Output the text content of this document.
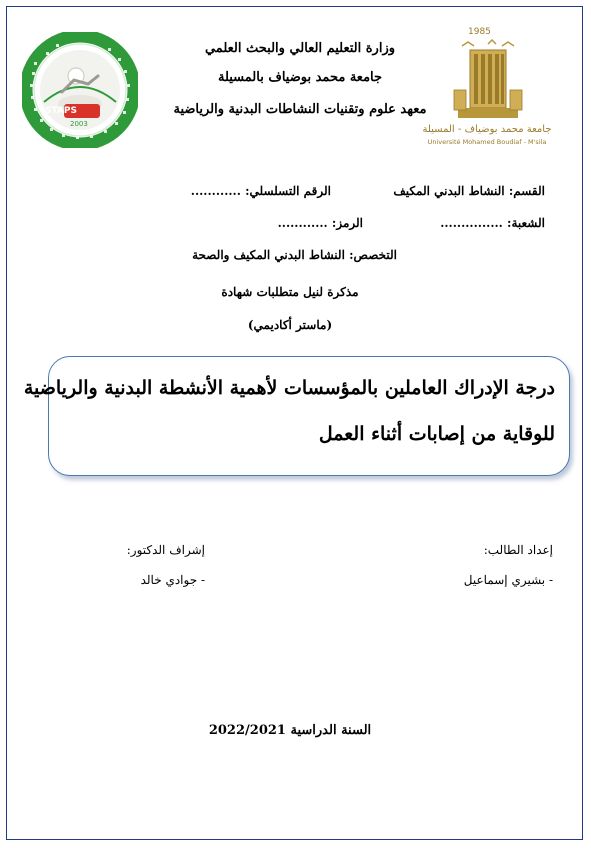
STAPS
2003
1985
جامعة محمد بوضياف - المسيلة
Université Mohamed Boudiaf - M'sila
وزارة التعليم العالي والبحث العلمي
جامعة محمد بوضياف بالمسيلة
معهد علوم وتقنيات النشاطات البدنية والرياضية
القسم: النشاط البدني المكيف
الرقم التسلسلي: ............
الشعبة: ...............
الرمز: ............
التخصص: النشاط البدني المكيف والصحة
مذكرة لنيل متطلبات شهادة
(ماستر أكاديمي)
درجة الإدراك العاملين بالمؤسسات لأهمية الأنشطة البدنية والرياضية
للوقاية من إصابات أثناء العمل
إعداد الطالب:
- بشيري إسماعيل
إشراف الدكتور:
- جوادي خالد
السنة الدراسية 2022/2021
